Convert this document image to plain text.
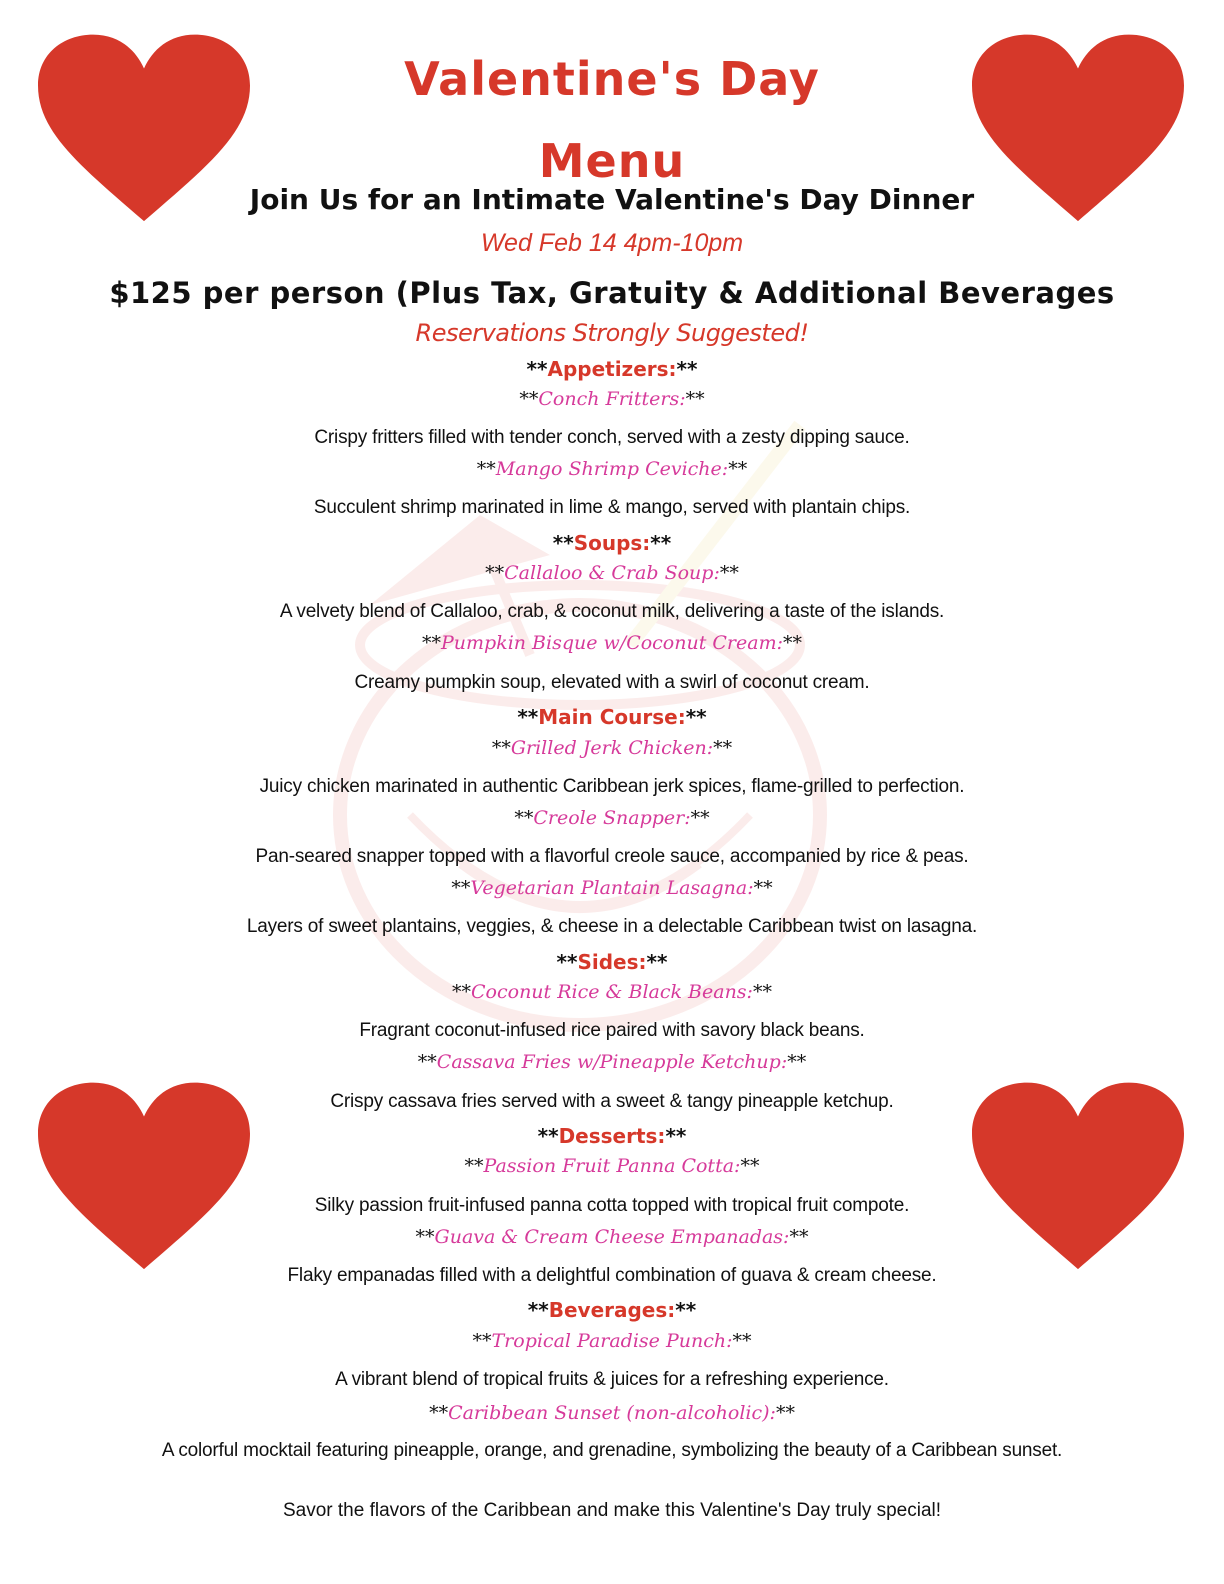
Valentine's Day
Menu
Join Us for an Intimate Valentine's Day Dinner
Wed Feb 14 4pm-10pm
$125 per person (Plus Tax, Gratuity & Additional Beverages
Reservations Strongly Suggested!
**Appetizers:**
**Conch Fritters:**
Crispy fritters filled with tender conch, served with a zesty dipping sauce.
**Mango Shrimp Ceviche:**
Succulent shrimp marinated in lime & mango, served with plantain chips.
**Soups:**
**Callaloo & Crab Soup:**
A velvety blend of Callaloo, crab, & coconut milk, delivering a taste of the islands.
**Pumpkin Bisque w/Coconut Cream:**
Creamy pumpkin soup, elevated with a swirl of coconut cream.
**Main Course:**
**Grilled Jerk Chicken:**
Juicy chicken marinated in authentic Caribbean jerk spices, flame-grilled to perfection.
**Creole Snapper:**
Pan-seared snapper topped with a flavorful creole sauce, accompanied by rice & peas.
**Vegetarian Plantain Lasagna:**
Layers of sweet plantains, veggies, & cheese in a delectable Caribbean twist on lasagna.
**Sides:**
**Coconut Rice & Black Beans:**
Fragrant coconut-infused rice paired with savory black beans.
**Cassava Fries w/Pineapple Ketchup:**
Crispy cassava fries served with a sweet & tangy pineapple ketchup.
**Desserts:**
**Passion Fruit Panna Cotta:**
Silky passion fruit-infused panna cotta topped with tropical fruit compote.
**Guava & Cream Cheese Empanadas:**
Flaky empanadas filled with a delightful combination of guava & cream cheese.
**Beverages:**
**Tropical Paradise Punch:**
A vibrant blend of tropical fruits & juices for a refreshing experience.
**Caribbean Sunset (non-alcoholic):**
A colorful mocktail featuring pineapple, orange, and grenadine, symbolizing the beauty of a Caribbean sunset.
Savor the flavors of the Caribbean and make this Valentine's Day truly special!
